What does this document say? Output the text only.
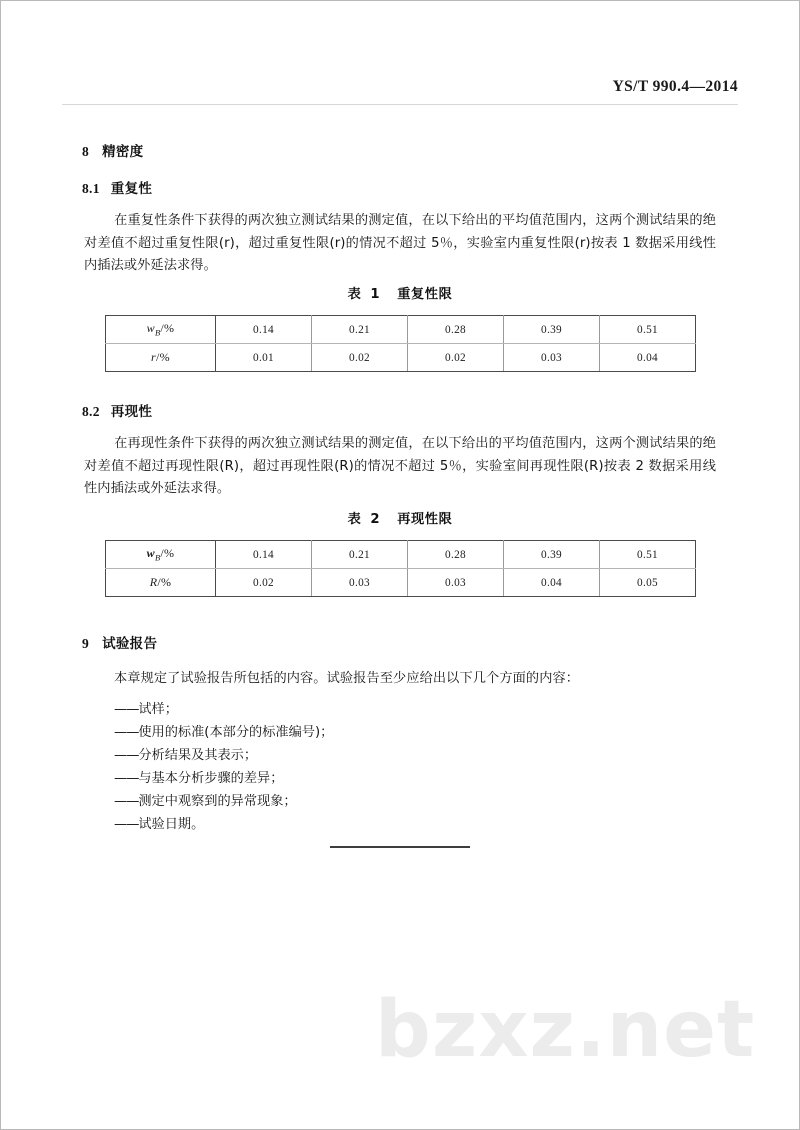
YS/T 990.4—2014
8 精密度
8.1 重复性
在重复性条件下获得的两次独立测试结果的测定值，在以下给出的平均值范围内，这两个测试结果的绝对差值不超过重复性限(r)，超过重复性限(r)的情况不超过 5％，实验室内重复性限(r)按表 1 数据采用线性内插法或外延法求得。
表 1 重复性限
$w_B/\%$	0.14	0.21	0.28	0.39	0.51
r/%	0.01	0.02	0.02	0.03	0.04
8.2 再现性
在再现性条件下获得的两次独立测试结果的测定值，在以下给出的平均值范围内，这两个测试结果的绝对差值不超过再现性限(R)，超过再现性限(R)的情况不超过 5％，实验室间再现性限(R)按表 2 数据采用线性内插法或外延法求得。
表 2 再现性限
$w_B/\%$	0.14	0.21	0.28	0.39	0.51
R/%	0.02	0.03	0.03	0.04	0.05
9 试验报告
本章规定了试验报告所包括的内容。试验报告至少应给出以下几个方面的内容：
——试样；
——使用的标准(本部分的标准编号)；
——分析结果及其表示；
——与基本分析步骤的差异；
——测定中观察到的异常现象；
——试验日期。
bzxz.net
